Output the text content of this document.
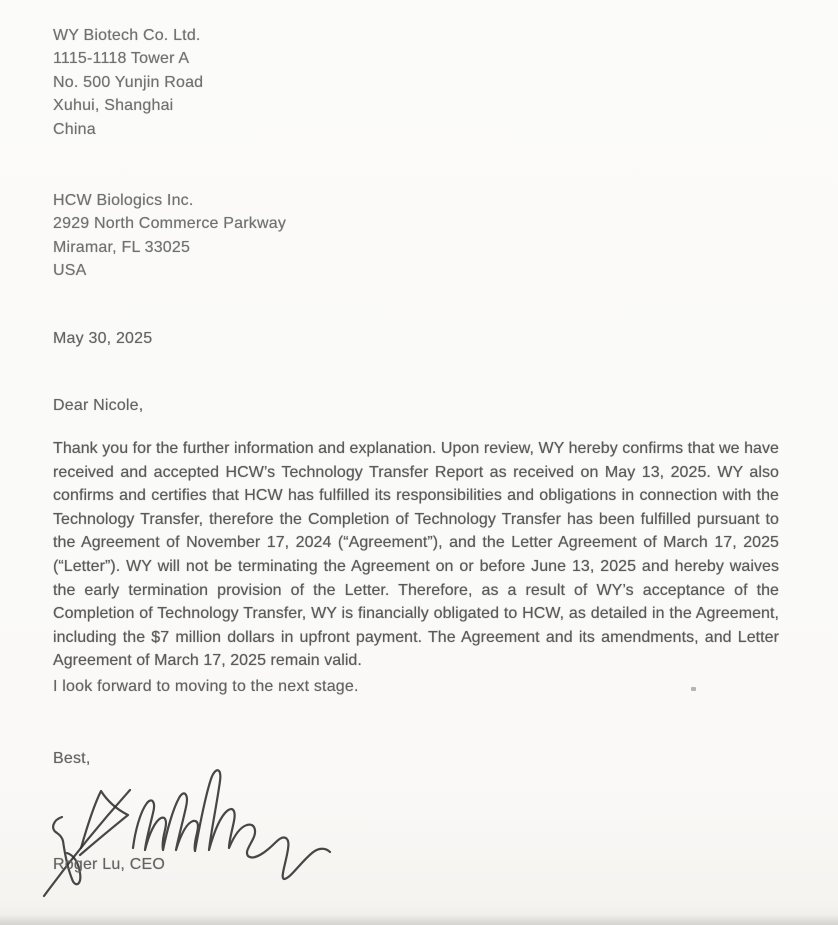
WY Biotech Co. Ltd.
1115-1118 Tower A
No. 500 Yunjin Road
Xuhui, Shanghai
China
HCW Biologics Inc.
2929 North Commerce Parkway
Miramar, FL 33025
USA
May 30, 2025
Dear Nicole,
Thank you for the further information and explanation. Upon review, WY hereby confirms that we have received and accepted HCW’s Technology Transfer Report as received on May 13, 2025. WY also confirms and certifies that HCW has fulfilled its responsibilities and obligations in connection with the Technology Transfer, therefore the Completion of Technology Transfer has been fulfilled pursuant to the Agreement of November 17, 2024 (“Agreement”), and the Letter Agreement of March 17, 2025 (“Letter”). WY will not be terminating the Agreement on or before June 13, 2025 and hereby waives the early termination provision of the Letter. Therefore, as a result of WY’s acceptance of the Completion of Technology Transfer, WY is financially obligated to HCW, as detailed in the Agreement, including the $7 million dollars in upfront payment. The Agreement and its amendments, and Letter Agreement of March 17, 2025 remain valid.
I look forward to moving to the next stage.
Best,
Roger Lu, CEO
